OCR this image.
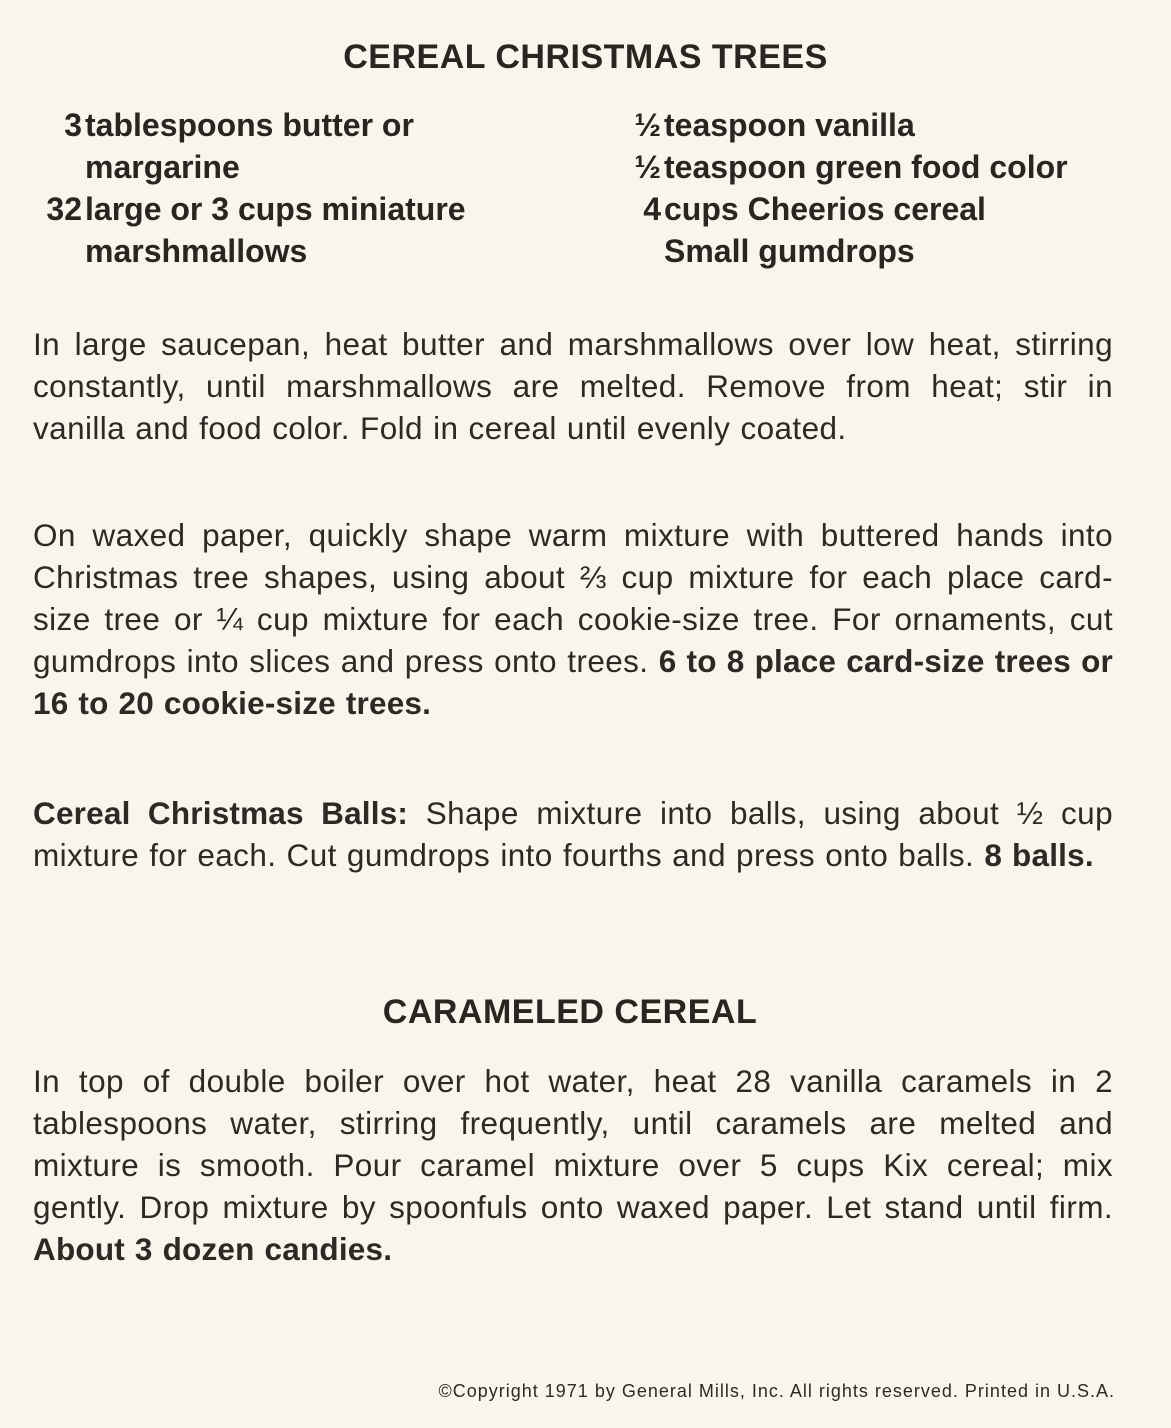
CEREAL CHRISTMAS TREES
3 tablespoons butter or margarine
32 large or 3 cups miniature marshmallows
½ teaspoon vanilla
½ teaspoon green food color
4 cups Cheerios cereal
Small gumdrops
In large saucepan, heat butter and marshmallows over low heat, stirring constantly, until marshmallows are melted. Remove from heat; stir in vanilla and food color. Fold in cereal until evenly coated.
On waxed paper, quickly shape warm mixture with buttered hands into Christmas tree shapes, using about ⅔ cup mixture for each place card-size tree or ¼ cup mixture for each cookie-size tree. For ornaments, cut gumdrops into slices and press onto trees. 6 to 8 place card-size trees or 16 to 20 cookie-size trees.
Cereal Christmas Balls: Shape mixture into balls, using about ½ cup mixture for each. Cut gumdrops into fourths and press onto balls. 8 balls.
CARAMELED CEREAL
In top of double boiler over hot water, heat 28 vanilla caramels in 2 tablespoons water, stirring frequently, until caramels are melted and mixture is smooth. Pour caramel mixture over 5 cups Kix cereal; mix gently. Drop mixture by spoonfuls onto waxed paper. Let stand until firm. About 3 dozen candies.
©Copyright 1971 by General Mills, Inc. All rights reserved. Printed in U.S.A.
